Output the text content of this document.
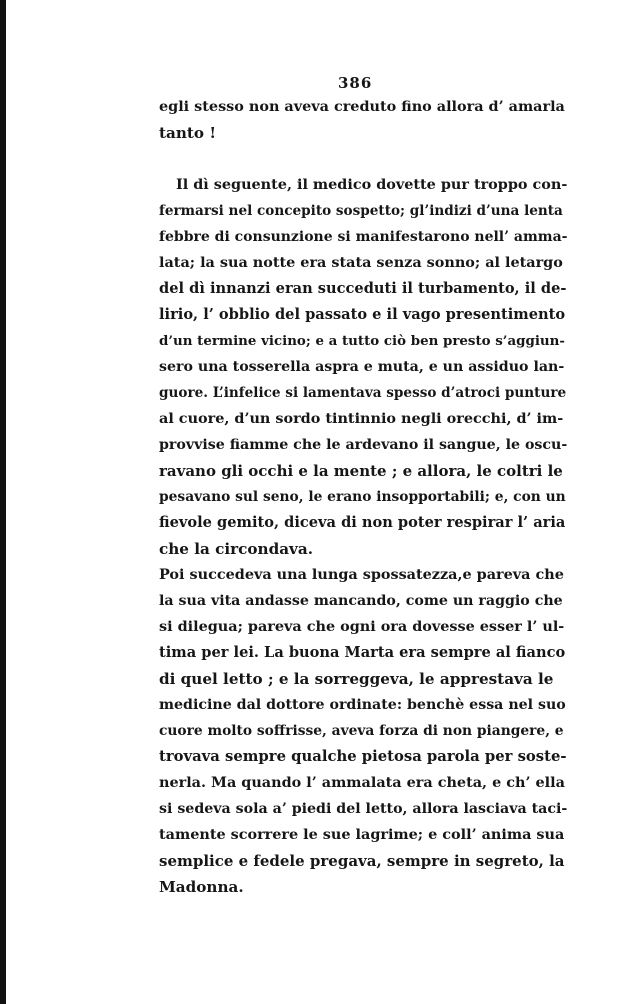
386
egli stesso non aveva creduto fino allora d’ amarla
tanto !
Il dì seguente, il medico dovette pur troppo con-
fermarsi nel concepito sospetto; gl’indizi d’una lenta
febbre di consunzione si manifestarono nell’ amma-
lata; la sua notte era stata senza sonno; al letargo
del dì innanzi eran succeduti il turbamento, il de-
lirio, l’ obblio del passato e il vago presentimento
d’un termine vicino; e a tutto ciò ben presto s’aggiun-
sero una tosserella aspra e muta, e un assiduo lan-
guore. L’infelice si lamentava spesso d’atroci punture
al cuore, d’un sordo tintinnio negli orecchi, d’ im-
provvise fiamme che le ardevano il sangue, le oscu-
ravano gli occhi e la mente ; e allora, le coltri le
pesavano sul seno, le erano insopportabili; e, con un
fievole gemito, diceva di non poter respirar l’ aria
che la circondava.
Poi succedeva una lunga spossatezza,e pareva che
la sua vita andasse mancando, come un raggio che
si dilegua; pareva che ogni ora dovesse esser l’ ul-
tima per lei. La buona Marta era sempre al fianco
di quel letto ; e la sorreggeva, le apprestava le
medicine dal dottore ordinate: benchè essa nel suo
cuore molto soffrisse, aveva forza di non piangere, e
trovava sempre qualche pietosa parola per soste-
nerla. Ma quando l’ ammalata era cheta, e ch’ ella
si sedeva sola a’ piedi del letto, allora lasciava taci-
tamente scorrere le sue lagrime; e coll’ anima sua
semplice e fedele pregava, sempre in segreto, la
Madonna.
